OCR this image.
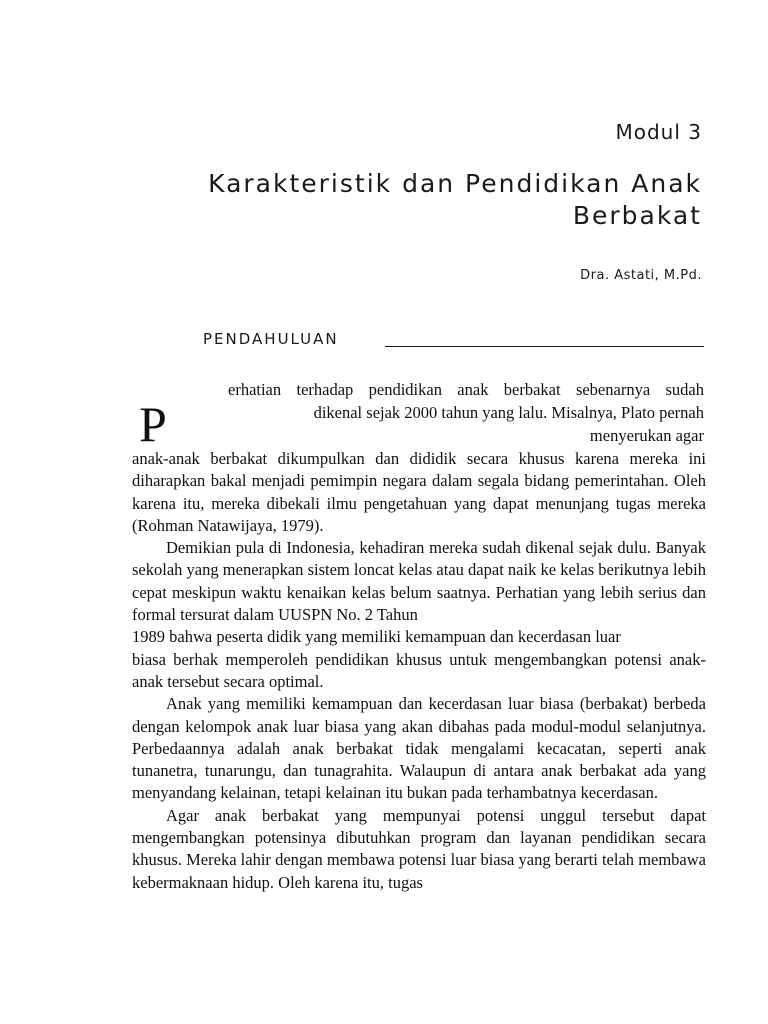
Modul 3
Karakteristik dan Pendidikan Anak
Berbakat
Dra. Astati, M.Pd.
PENDAHULUAN
P
erhatian terhadap pendidikan anak berbakat sebenarnya sudah
dikenal sejak 2000 tahun yang lalu. Misalnya, Plato pernah
menyerukan agar

anak-anak berbakat dikumpulkan dan dididik secara khusus karena mereka ini diharapkan bakal menjadi pemimpin negara dalam segala bidang pemerintahan. Oleh karena itu, mereka dibekali ilmu pengetahuan yang dapat menunjang tugas mereka (Rohman Natawijaya, 1979).

Demikian pula di Indonesia, kehadiran mereka sudah dikenal sejak dulu. Banyak sekolah yang menerapkan sistem loncat kelas atau dapat naik ke kelas berikutnya lebih cepat meskipun waktu kenaikan kelas belum saatnya. Perhatian yang lebih serius dan formal tersurat dalam UUSPN No. 2 Tahun

1989 bahwa peserta didik yang memiliki kemampuan dan kecerdasan luar

biasa berhak memperoleh pendidikan khusus untuk mengembangkan potensi anak-anak tersebut secara optimal.

Anak yang memiliki kemampuan dan kecerdasan luar biasa (berbakat) berbeda dengan kelompok anak luar biasa yang akan dibahas pada modul-modul selanjutnya. Perbedaannya adalah anak berbakat tidak mengalami kecacatan, seperti anak tunanetra, tunarungu, dan tunagrahita. Walaupun di antara anak berbakat ada yang menyandang kelainan, tetapi kelainan itu bukan pada terhambatnya kecerdasan.

Agar anak berbakat yang mempunyai potensi unggul tersebut dapat mengembangkan potensinya dibutuhkan program dan layanan pendidikan secara khusus. Mereka lahir dengan membawa potensi luar biasa yang berarti telah membawa kebermaknaan hidup. Oleh karena itu, tugas
